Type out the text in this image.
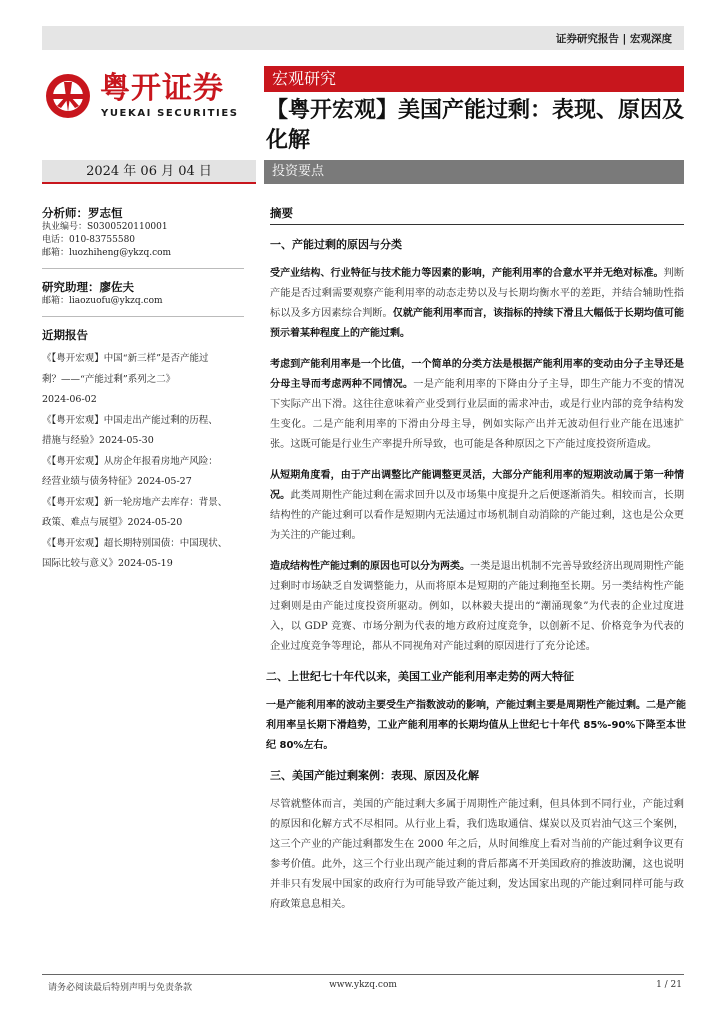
证券研究报告 | 宏观深度
粤开证券
YUEKAI SECURITIES
宏观研究
【粤开宏观】美国产能过剩：表现、原因及化解
2024 年 06 月 04 日	投资要点
分析师：罗志恒
执业编号：S0300520110001
电话：010-83755580
邮箱：luozhiheng@ykzq.com
研究助理：廖佐夫
邮箱：liaozuofu@ykzq.com
近期报告
《【粤开宏观】中国“新三样”是否产能过
剩？——“产能过剩”系列之二》
2024-06-02
《【粤开宏观】中国走出产能过剩的历程、
措施与经验》2024-05-30
《【粤开宏观】从房企年报看房地产风险：
经营业绩与债务特征》2024-05-27
《【粤开宏观】新一轮房地产去库存：背景、
政策、难点与展望》2024-05-20
《【粤开宏观】超长期特别国债：中国现状、
国际比较与意义》2024-05-19
摘要
一、产能过剩的原因与分类
受产业结构、行业特征与技术能力等因素的影响，产能利用率的合意水平并无绝对标准。判断产能是否过剩需要观察产能利用率的动态走势以及与长期均衡水平的差距，并结合辅助性指标以及多方因素综合判断。仅就产能利用率而言，该指标的持续下滑且大幅低于长期均值可能预示着某种程度上的产能过剩。
考虑到产能利用率是一个比值，一个简单的分类方法是根据产能利用率的变动由分子主导还是分母主导而考虑两种不同情况。一是产能利用率的下降由分子主导，即生产能力不变的情况下实际产出下滑。这往往意味着产业受到行业层面的需求冲击，或是行业内部的竞争结构发生变化。二是产能利用率的下滑由分母主导，例如实际产出并无波动但行业产能在迅速扩张。这既可能是行业生产率提升所导致，也可能是各种原因之下产能过度投资所造成。
从短期角度看，由于产出调整比产能调整更灵活，大部分产能利用率的短期波动属于第一种情况。此类周期性产能过剩在需求回升以及市场集中度提升之后便逐渐消失。相较而言，长期结构性的产能过剩可以看作是短期内无法通过市场机制自动消除的产能过剩，这也是公众更为关注的产能过剩。
造成结构性产能过剩的原因也可以分为两类。一类是退出机制不完善导致经济出现周期性产能过剩时市场缺乏自发调整能力，从而将原本是短期的产能过剩拖至长期。另一类结构性产能过剩则是由产能过度投资所驱动。例如，以林毅夫提出的“潮涌现象”为代表的企业过度进入，以 GDP 竞赛、市场分割为代表的地方政府过度竞争，以创新不足、价格竞争为代表的企业过度竞争等理论，都从不同视角对产能过剩的原因进行了充分论述。
二、上世纪七十年代以来，美国工业产能利用率走势的两大特征
一是产能利用率的波动主要受生产指数波动的影响，产能过剩主要是周期性产能过剩。二是产能利用率呈长期下滑趋势，工业产能利用率的长期均值从上世纪七十年代 85%-90%下降至本世纪 80%左右。
三、美国产能过剩案例：表现、原因及化解
尽管就整体而言，美国的产能过剩大多属于周期性产能过剩，但具体到不同行业，产能过剩的原因和化解方式不尽相同。从行业上看，我们选取通信、煤炭以及页岩油气这三个案例，这三个产业的产能过剩都发生在 2000 年之后，从时间维度上看对当前的产能过剩争议更有参考价值。此外，这三个行业出现产能过剩的背后都离不开美国政府的推波助澜，这也说明并非只有发展中国家的政府行为可能导致产能过剩，发达国家出现的产能过剩同样可能与政府政策息息相关。
请务必阅读最后特别声明与免责条款	www.ykzq.com	1 / 21
